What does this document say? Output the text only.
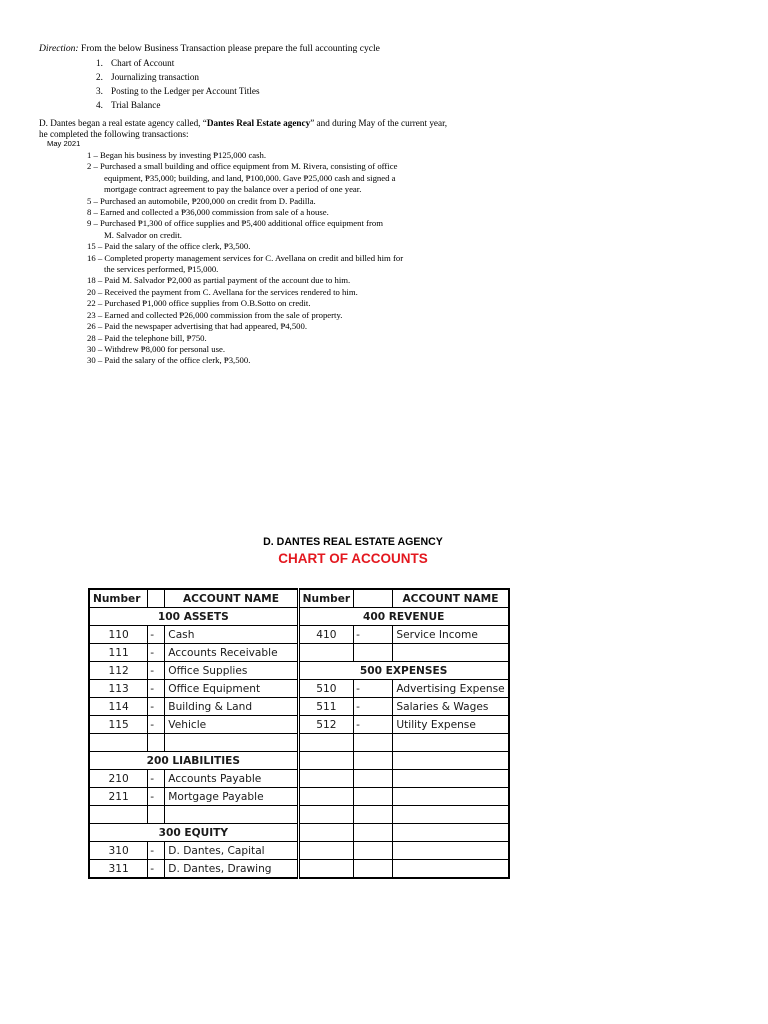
Direction: From the below Business Transaction please prepare the full accounting cycle
1. Chart of Account
2. Journalizing transaction
3. Posting to the Ledger per Account Titles
4. Trial Balance
D. Dantes began a real estate agency called, “Dantes Real Estate agency” and during May of the current year,
he completed the following transactions:
May 2021
1 – Began his business by investing ₱125,000 cash.
2 – Purchased a small building and office equipment from M. Rivera, consisting of office
equipment, ₱35,000; building, and land, ₱100,000. Gave ₱25,000 cash and signed a
mortgage contract agreement to pay the balance over a period of one year.
5 – Purchased an automobile, ₱200,000 on credit from D. Padilla.
8 – Earned and collected a ₱36,000 commission from sale of a house.
9 – Purchased ₱1,300 of office supplies and ₱5,400 additional office equipment from
M. Salvador on credit.
15 – Paid the salary of the office clerk, ₱3,500.
16 – Completed property management services for C. Avellana on credit and billed him for
the services performed, ₱15,000.
18 – Paid M. Salvador ₱2,000 as partial payment of the account due to him.
20 – Received the payment from C. Avellana for the services rendered to him.
22 – Purchased ₱1,000 office supplies from O.B.Sotto on credit.
23 – Earned and collected ₱26,000 commission from the sale of property.
26 – Paid the newspaper advertising that had appeared, ₱4,500.
28 – Paid the telephone bill, ₱750.
30 – Withdrew ₱8,000 for personal use.
30 – Paid the salary of the office clerk, ₱3,500.
D. DANTES REAL ESTATE AGENCY
CHART OF ACCOUNTS
Number		ACCOUNT NAME	Number		ACCOUNT NAME
100 ASSETS			400 REVENUE		
110	-	Cash	410	-	Service Income
111	-	Accounts Receivable			
112	-	Office Supplies	500 EXPENSES		
113	-	Office Equipment	510	-	Advertising Expense
114	-	Building & Land	511	-	Salaries & Wages
115	-	Vehicle	512	-	Utility Expense

200 LIABILITIES					
210	-	Accounts Payable			
211	-	Mortgage Payable			

300 EQUITY					
310	-	D. Dantes, Capital			
311	-	D. Dantes, Drawing			
